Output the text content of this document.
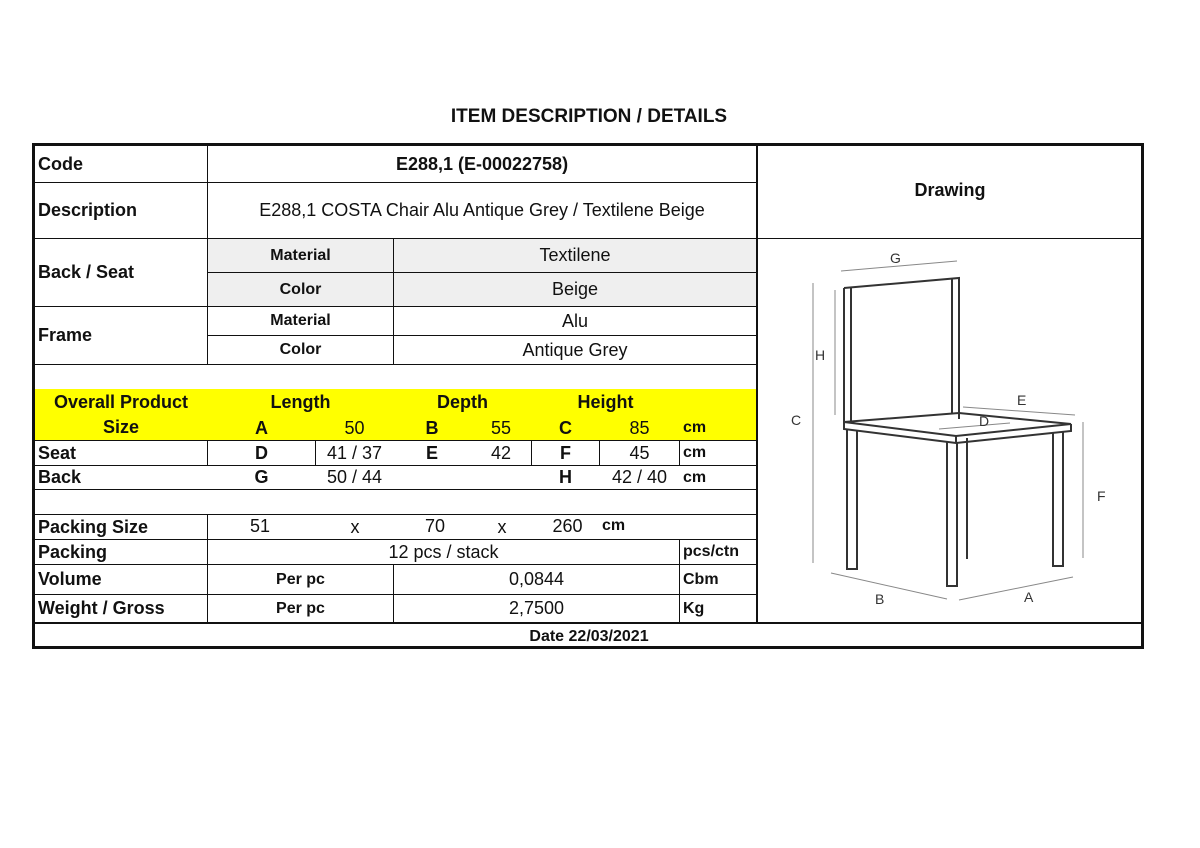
ITEM DESCRIPTION / DETAILS
Code	E288,1 (E-00022758)
Description	E288,1 COSTA Chair Alu Antique Grey / Textilene Beige
Drawing
Back / Seat
Material	Textilene
Color	Beige
Frame
Material	Alu
Color	Antique Grey
Overall Product
Size
Length	Depth	Height
A	50	B	55	C	85	cm
Seat	D	41 / 37	E	42	F	45	cm
Back	G	50 / 44	H	42 / 40 cm
Packing Size	51	x	70	x	260	cm
Packing	12 pcs / stack	pcs/ctn
Volume	Per pc	0,0844	Cbm
Weight / Gross	Per pc	2,7500	Kg
Date 22/03/2021
G
H
C
E
D
F
B	A
